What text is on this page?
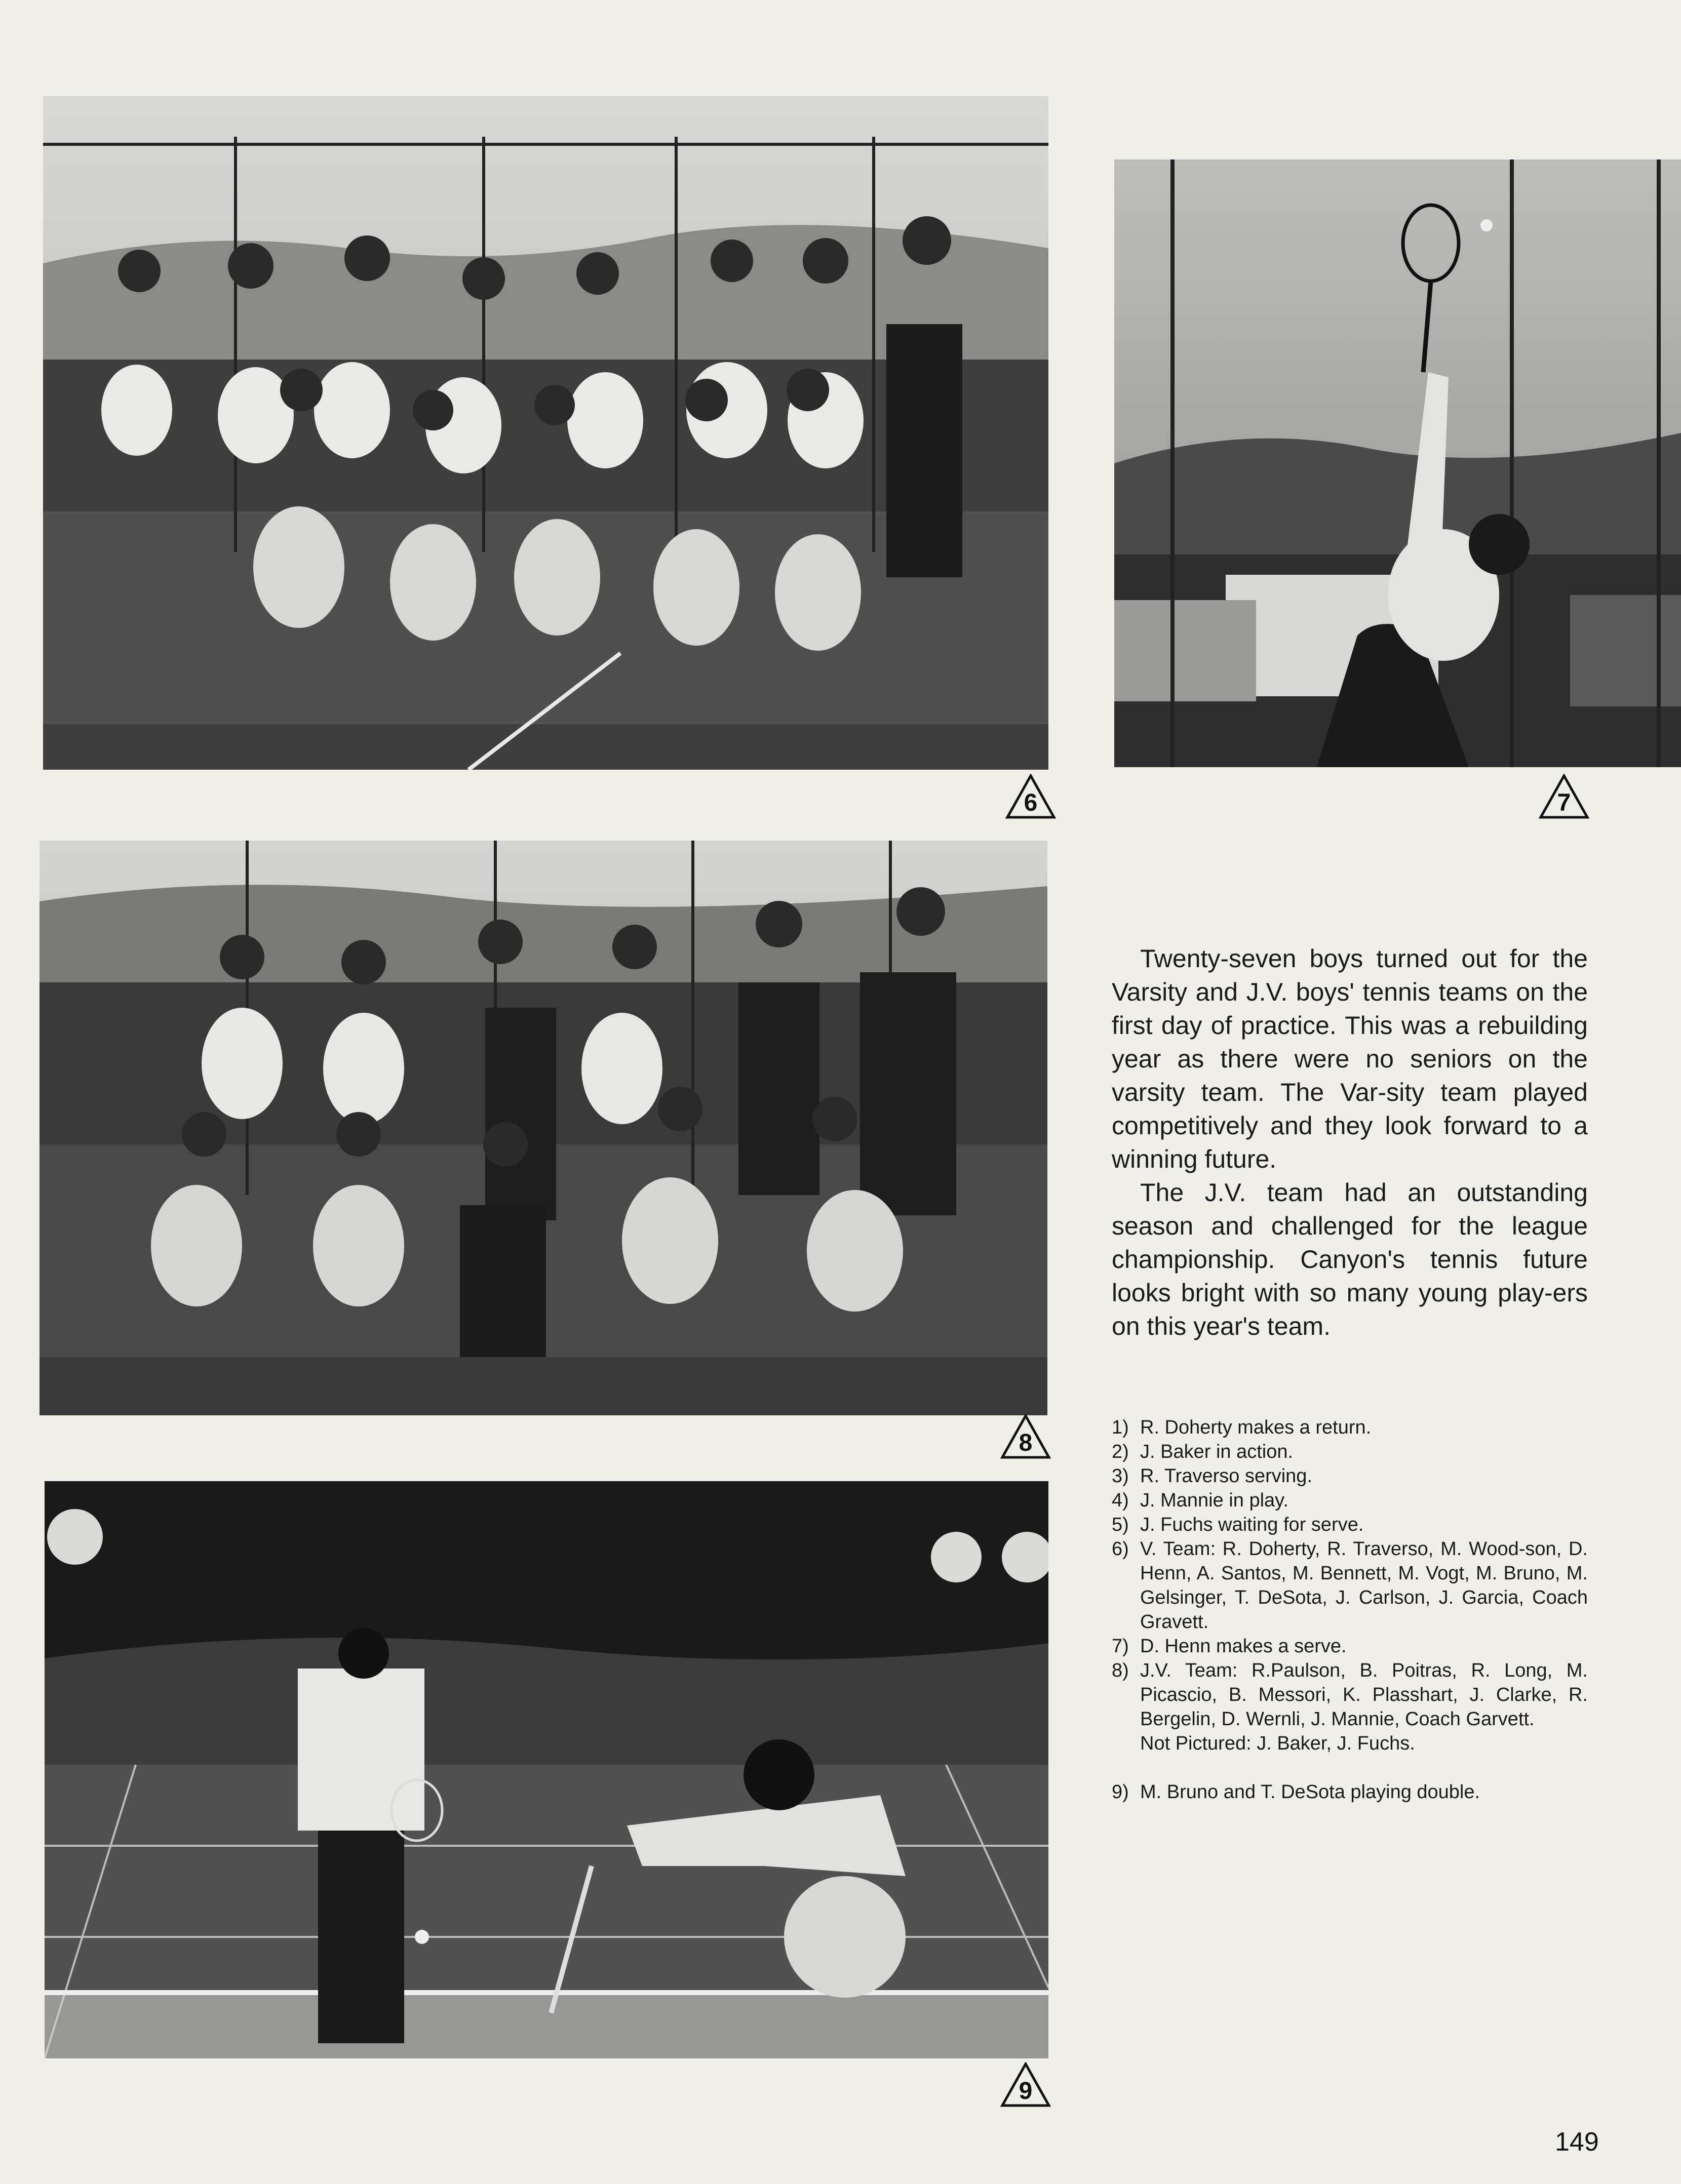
6	7
8
9

Twenty-seven boys turned out for the Varsity and J.V. boys' tennis teams on the first day of practice. This was a rebuilding year as there were no seniors on the varsity team. The Var-sity team played competitively and they look forward to a winning future.

The J.V. team had an outstanding season and challenged for the league championship. Canyon's tennis future looks bright with so many young play-ers on this year's team.

1) R. Doherty makes a return.
2) J. Baker in action.
3) R. Traverso serving.
4) J. Mannie in play.
5) J. Fuchs waiting for serve.
6) V. Team: R. Doherty, R. Traverso, M. Wood-son, D. Henn, A. Santos, M. Bennett, M. Vogt, M. Bruno, M. Gelsinger, T. DeSota, J. Carlson, J. Garcia, Coach Gravett.
7) D. Henn makes a serve.
8) J.V. Team: R.Paulson, B. Poitras, R. Long, M. Picascio, B. Messori, K. Plasshart, J. Clarke, R. Bergelin, D. Wernli, J. Mannie, Coach Garvett.
Not Pictured: J. Baker, J. Fuchs.
9) M. Bruno and T. DeSota playing double.
149
